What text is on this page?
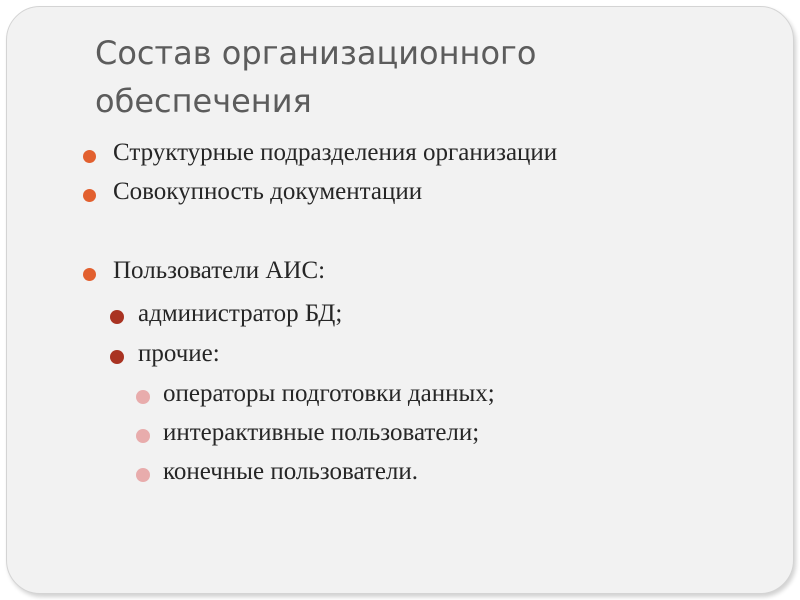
Состав организационного
обеспечения
Структурные подразделения организации
Совокупность документации
Пользователи АИС:
администратор БД;
прочие:
операторы подготовки данных;
интерактивные пользователи;
конечные пользователи.
